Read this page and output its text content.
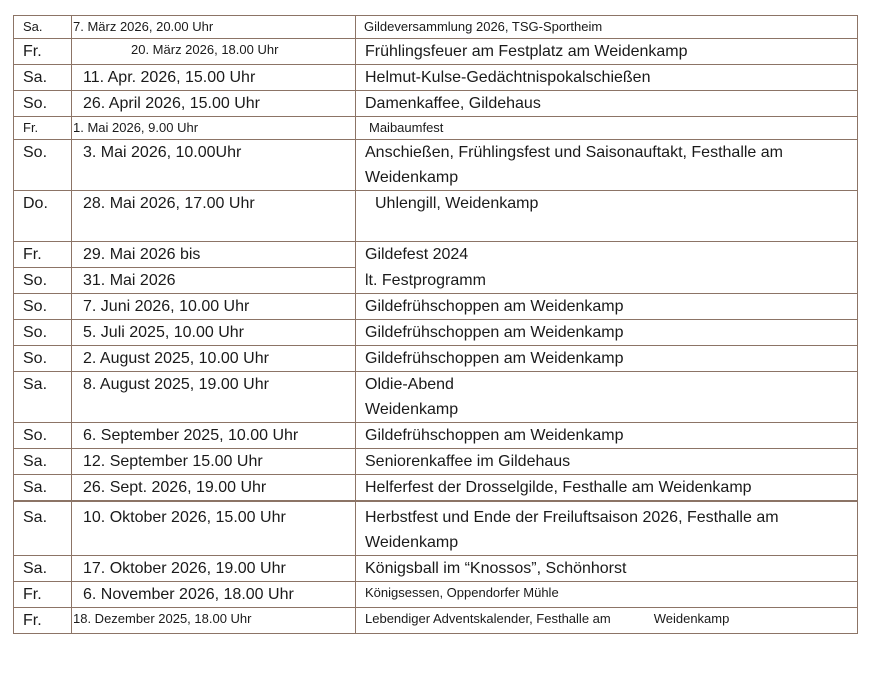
Sa.	7. März 2026, 20.00 Uhr	Gildeversammlung 2026, TSG-Sportheim
Fr.	20. März 2026, 18.00 Uhr	Frühlingsfeuer am Festplatz am Weidenkamp
Sa.	11. Apr. 2026, 15.00 Uhr	Helmut-Kulse-Gedächtnispokalschießen
So.	26. April 2026, 15.00 Uhr	Damenkaffee, Gildehaus
Fr.	1. Mai 2026, 9.00 Uhr	Maibaumfest
So.	3. Mai 2026, 10.00Uhr	Anschießen, Frühlingsfest und Saisonauftakt, Festhalle am Weidenkamp
Do.	28. Mai 2026, 17.00 Uhr	Uhlengill, Weidenkamp
Fr.	29. Mai 2026 bis	Gildefest 2024
So.	31. Mai 2026	lt. Festprogramm
So.	7. Juni 2026, 10.00 Uhr	Gildefrühschoppen am Weidenkamp
So.	5. Juli 2025, 10.00 Uhr	Gildefrühschoppen am Weidenkamp
So.	2. August 2025, 10.00 Uhr	Gildefrühschoppen am Weidenkamp
Sa.	8. August 2025, 19.00 Uhr	Oldie-Abend
Weidenkamp

So.	6. September 2025, 10.00 Uhr	Gildefrühschoppen am Weidenkamp
Sa.	12. September 15.00 Uhr	Seniorenkaffee im Gildehaus
Sa.	26. Sept. 2026, 19.00 Uhr	Helferfest der Drosselgilde, Festhalle am Weidenkamp

Sa.	10. Oktober 2026, 15.00 Uhr	Herbstfest und Ende der Freiluftsaison 2026, Festhalle am Weidenkamp
Sa.	17. Oktober 2026, 19.00 Uhr	Königsball im “Knossos”, Schönhorst
Fr.	6. November 2026, 18.00 Uhr	Königsessen, Oppendorfer Mühle
Fr.	18. Dezember 2025, 18.00 Uhr	Lebendiger Adventskalender, Festhalle am Weidenkamp
